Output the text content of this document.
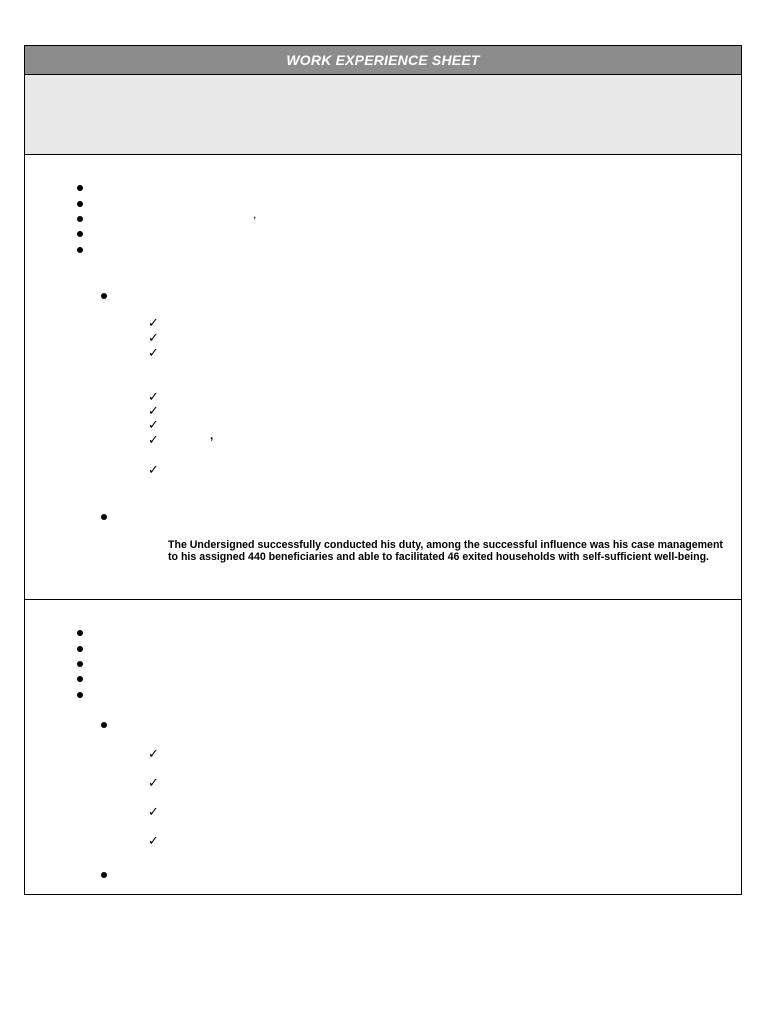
WORK EXPERIENCE SHEET
,
✓
✓
✓
✓
✓
✓
✓	,
✓
The Undersigned successfully conducted his duty, among the successful influence was his case management to his assigned 440 beneficiaries and able to facilitated 46 exited households with self-sufficient well-being.
✓
✓
✓
✓
